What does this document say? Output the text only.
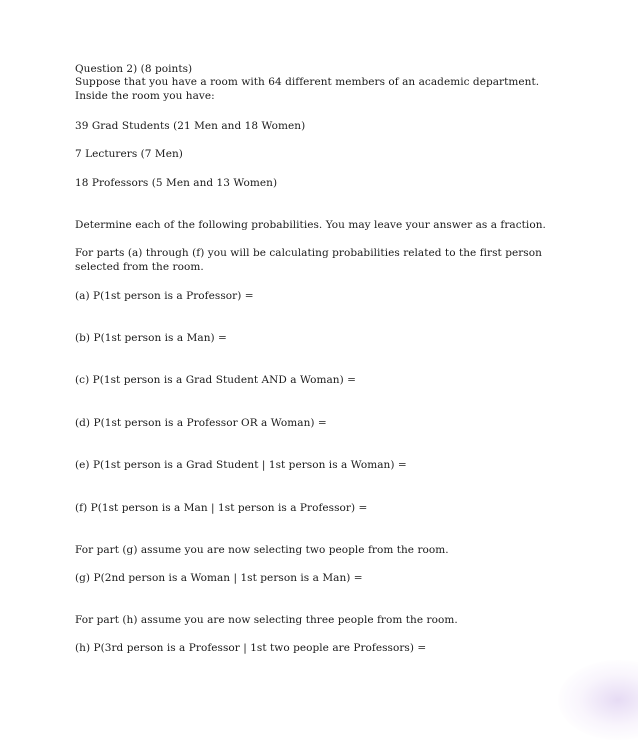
Question 2) (8 points)
Suppose that you have a room with 64 different members of an academic department. Inside the room you have:
39 Grad Students (21 Men and 18 Women)
7 Lecturers (7 Men)
18 Professors (5 Men and 13 Women)
Determine each of the following probabilities. You may leave your answer as a fraction.
For parts (a) through (f) you will be calculating probabilities related to the first person selected from the room.
(a) P(1st person is a Professor) =
(b) P(1st person is a Man) =
(c) P(1st person is a Grad Student AND a Woman) =
(d) P(1st person is a Professor OR a Woman) =
(e) P(1st person is a Grad Student | 1st person is a Woman) =
(f) P(1st person is a Man | 1st person is a Professor) =
For part (g) assume you are now selecting two people from the room.
(g) P(2nd person is a Woman | 1st person is a Man) =
For part (h) assume you are now selecting three people from the room.
(h) P(3rd person is a Professor | 1st two people are Professors) =
